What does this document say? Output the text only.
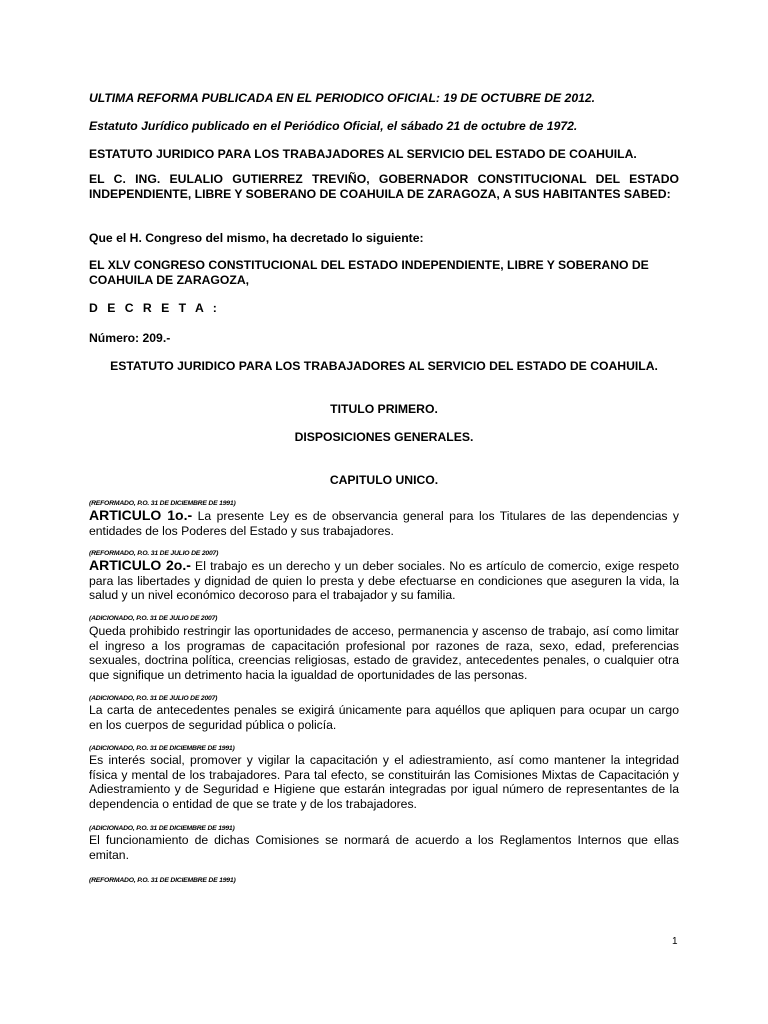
ULTIMA REFORMA PUBLICADA EN EL PERIODICO OFICIAL: 19 DE OCTUBRE DE 2012.

Estatuto Jurídico publicado en el Periódico Oficial, el sábado 21 de octubre de 1972.

ESTATUTO JURIDICO PARA LOS TRABAJADORES AL SERVICIO DEL ESTADO DE COAHUILA.

EL C. ING. EULALIO GUTIERREZ TREVIÑO, GOBERNADOR CONSTITUCIONAL DEL ESTADO INDEPENDIENTE, LIBRE Y SOBERANO DE COAHUILA DE ZARAGOZA, A SUS HABITANTES SABED:

Que el H. Congreso del mismo, ha decretado lo siguiente:

EL XLV CONGRESO CONSTITUCIONAL DEL ESTADO INDEPENDIENTE, LIBRE Y SOBERANO DE COAHUILA DE ZARAGOZA,

D E C R E T A :

Número: 209.-

ESTATUTO JURIDICO PARA LOS TRABAJADORES AL SERVICIO DEL ESTADO DE COAHUILA.

TITULO PRIMERO.

DISPOSICIONES GENERALES.

CAPITULO UNICO.

(REFORMADO, P.O. 31 DE DICIEMBRE DE 1991)

ARTICULO 1o.- La presente Ley es de observancia general para los Titulares de las dependencias y entidades de los Poderes del Estado y sus trabajadores.

(REFORMADO, P.O. 31 DE JULIO DE 2007)

ARTICULO 2o.- El trabajo es un derecho y un deber sociales. No es artículo de comercio, exige respeto para las libertades y dignidad de quien lo presta y debe efectuarse en condiciones que aseguren la vida, la salud y un nivel económico decoroso para el trabajador y su familia.

(ADICIONADO, P.O. 31 DE JULIO DE 2007)

Queda prohibido restringir las oportunidades de acceso, permanencia y ascenso de trabajo, así como limitar el ingreso a los programas de capacitación profesional por razones de raza, sexo, edad, preferencias sexuales, doctrina política, creencias religiosas, estado de gravidez, antecedentes penales, o cualquier otra que signifique un detrimento hacia la igualdad de oportunidades de las personas.

(ADICIONADO, P.O. 31 DE JULIO DE 2007)

La carta de antecedentes penales se exigirá únicamente para aquéllos que apliquen para ocupar un cargo en los cuerpos de seguridad pública o policía.

(ADICIONADO, P.O. 31 DE DICIEMBRE DE 1991)

Es interés social, promover y vigilar la capacitación y el adiestramiento, así como mantener la integridad física y mental de los trabajadores. Para tal efecto, se constituirán las Comisiones Mixtas de Capacitación y Adiestramiento y de Seguridad e Higiene que estarán integradas por igual número de representantes de la dependencia o entidad de que se trate y de los trabajadores.

(ADICIONADO, P.O. 31 DE DICIEMBRE DE 1991)

El funcionamiento de dichas Comisiones se normará de acuerdo a los Reglamentos Internos que ellas emitan.

(REFORMADO, P.O. 31 DE DICIEMBRE DE 1991)
1
